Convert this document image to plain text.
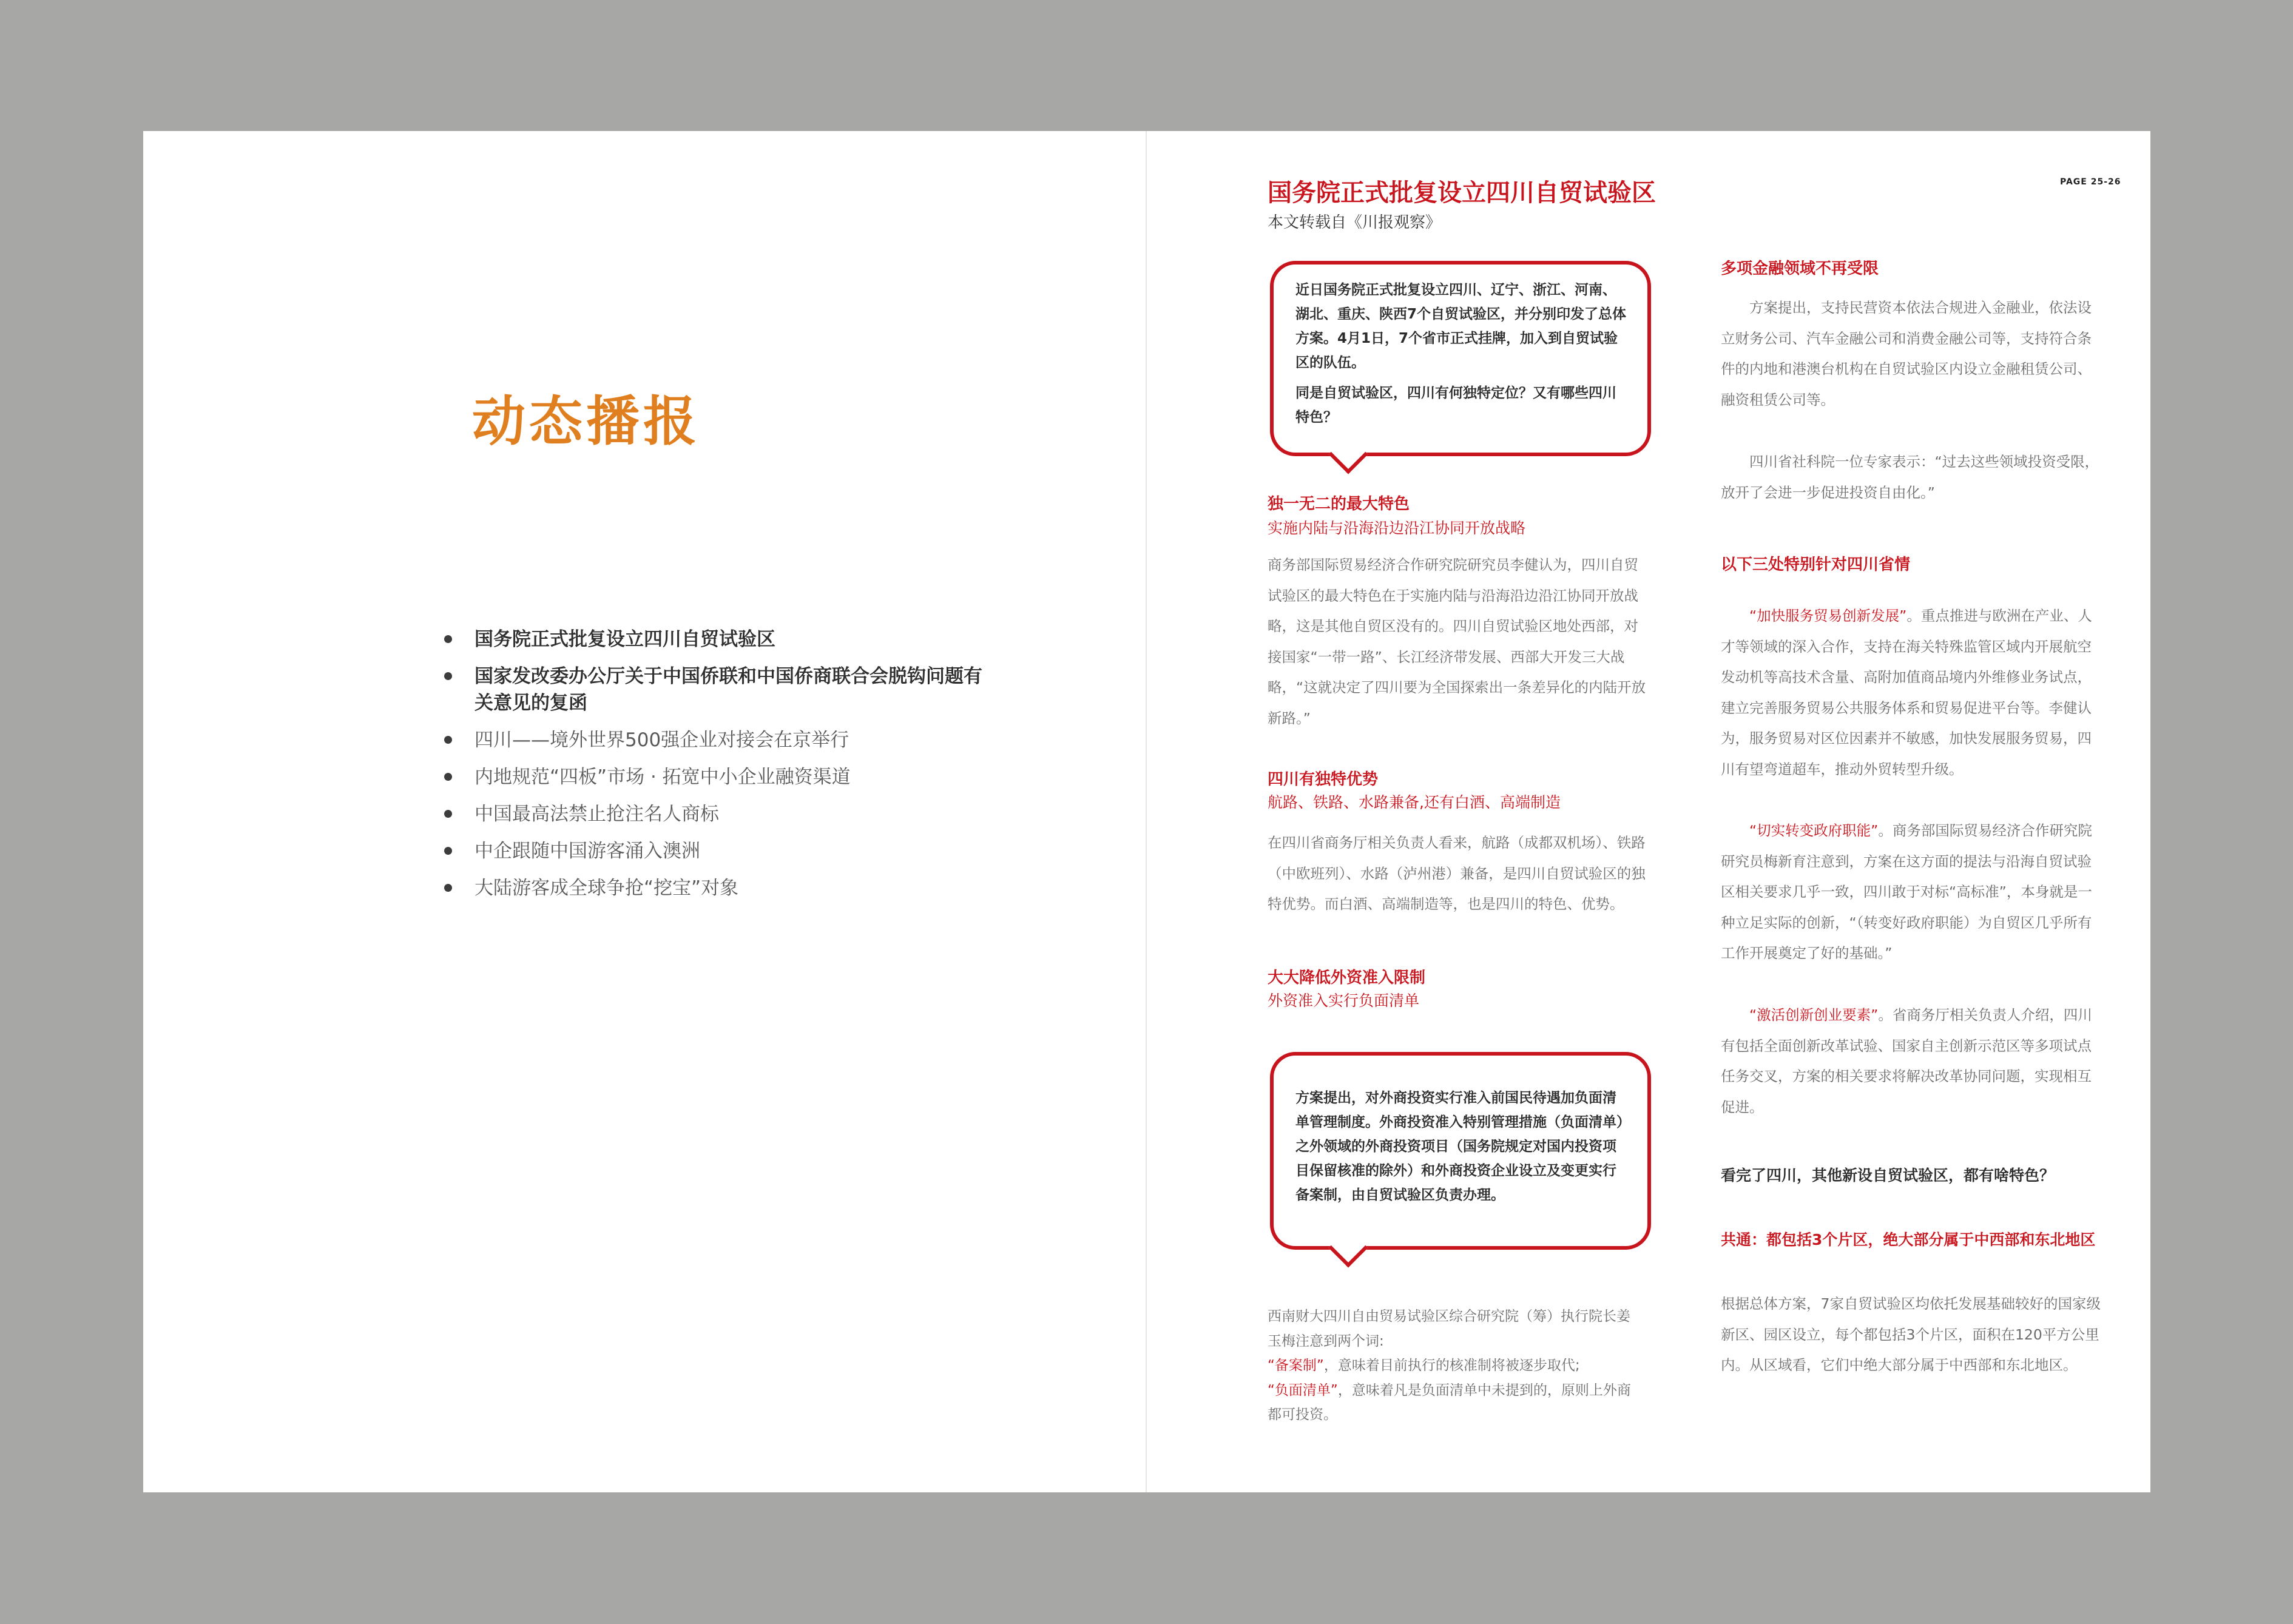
动态播报
国务院正式批复设立四川自贸试验区
国家发改委办公厅关于中国侨联和中国侨商联合会脱钩问题有关意见的复函
四川——境外世界500强企业对接会在京举行
内地规范“四板”市场 · 拓宽中小企业融资渠道
中国最高法禁止抢注名人商标
中企跟随中国游客涌入澳洲
大陆游客成全球争抢“挖宝”对象
国务院正式批复设立四川自贸试验区
本文转载自《川报观察》
PAGE 25-26

近日国务院正式批复设立四川、辽宁、浙江、河南、湖北、重庆、陕西7个自贸试验区，并分别印发了总体方案。4月1日，7个省市正式挂牌，加入到自贸试验区的队伍。

同是自贸试验区，四川有何独特定位？又有哪些四川特色？

独一无二的最大特色
实施内陆与沿海沿边沿江协同开放战略

商务部国际贸易经济合作研究院研究员李健认为，四川自贸试验区的最大特色在于实施内陆与沿海沿边沿江协同开放战略，这是其他自贸区没有的。四川自贸试验区地处西部，对接国家“一带一路”、长江经济带发展、西部大开发三大战略，“这就决定了四川要为全国探索出一条差异化的内陆开放新路。”

四川有独特优势
航路、铁路、水路兼备,还有白酒、高端制造

在四川省商务厅相关负责人看来，航路（成都双机场）、铁路（中欧班列）、水路（泸州港）兼备，是四川自贸试验区的独特优势。而白酒、高端制造等，也是四川的特色、优势。

大大降低外资准入限制
外资准入实行负面清单

方案提出，对外商投资实行准入前国民待遇加负面清单管理制度。外商投资准入特别管理措施（负面清单）之外领域的外商投资项目（国务院规定对国内投资项目保留核准的除外）和外商投资企业设立及变更实行备案制，由自贸试验区负责办理。

西南财大四川自由贸易试验区综合研究院（筹）执行院长姜玉梅注意到两个词:
“备案制”，意味着目前执行的核准制将被逐步取代;
“负面清单”，意味着凡是负面清单中未提到的，原则上外商都可投资。
多项金融领域不再受限

方案提出，支持民营资本依法合规进入金融业，依法设立财务公司、汽车金融公司和消费金融公司等，支持符合条件的内地和港澳台机构在自贸试验区内设立金融租赁公司、融资租赁公司等。

四川省社科院一位专家表示：“过去这些领域投资受限，放开了会进一步促进投资自由化。”

以下三处特别针对四川省情

“加快服务贸易创新发展”。重点推进与欧洲在产业、人才等领域的深入合作，支持在海关特殊监管区域内开展航空发动机等高技术含量、高附加值商品境内外维修业务试点，建立完善服务贸易公共服务体系和贸易促进平台等。李健认为，服务贸易对区位因素并不敏感，加快发展服务贸易，四川有望弯道超车，推动外贸转型升级。

“切实转变政府职能”。商务部国际贸易经济合作研究院研究员梅新育注意到，方案在这方面的提法与沿海自贸试验区相关要求几乎一致，四川敢于对标“高标准”，本身就是一种立足实际的创新，“（转变好政府职能）为自贸区几乎所有工作开展奠定了好的基础。”

“激活创新创业要素”。省商务厅相关负责人介绍，四川有包括全面创新改革试验、国家自主创新示范区等多项试点任务交叉，方案的相关要求将解决改革协同问题，实现相互促进。

看完了四川，其他新设自贸试验区，都有啥特色？
共通：都包括3个片区，绝大部分属于中西部和东北地区

根据总体方案，7家自贸试验区均依托发展基础较好的国家级新区、园区设立，每个都包括3个片区，面积在120平方公里内。从区域看，它们中绝大部分属于中西部和东北地区。
